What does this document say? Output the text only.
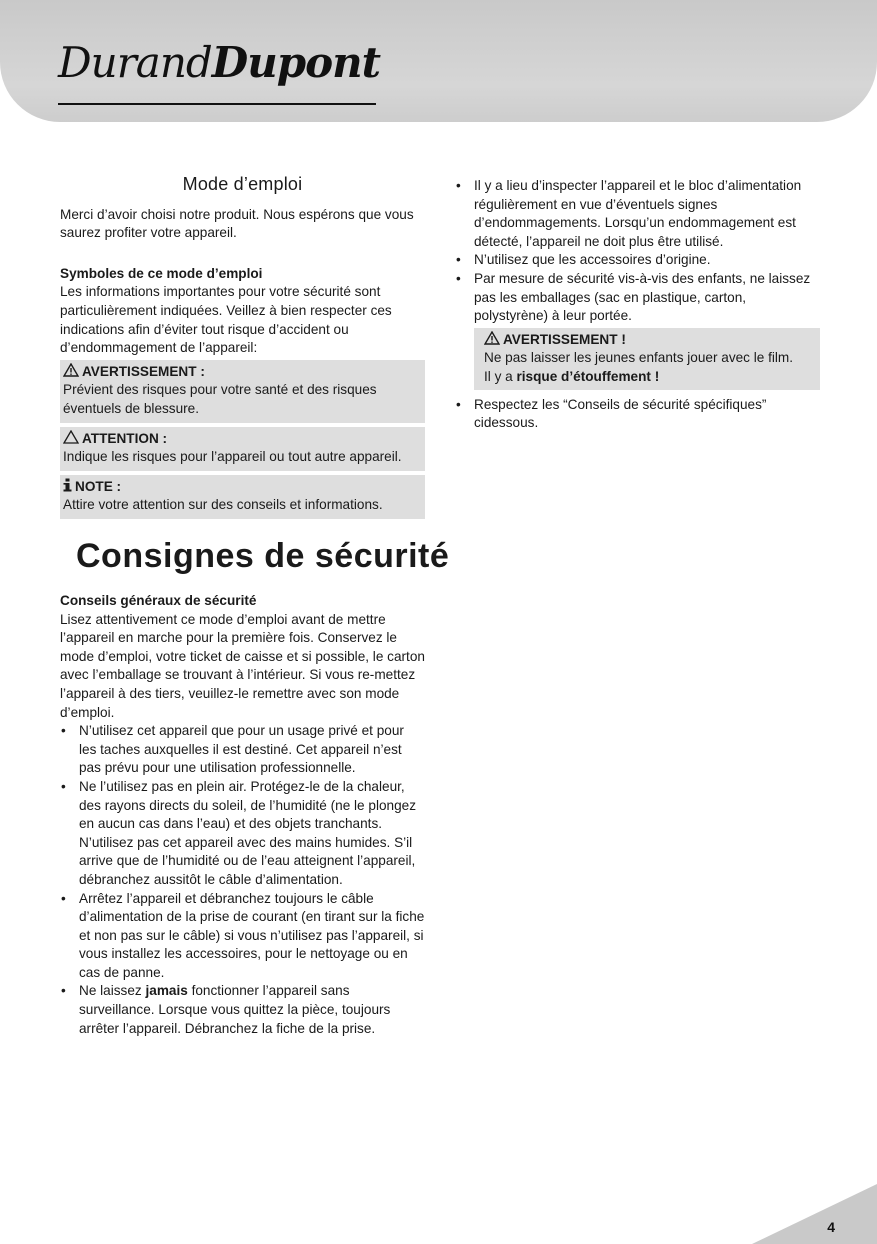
DurandDupont
Mode d’emploi

Merci d’avoir choisi notre produit. Nous espérons que vous saurez profiter votre appareil.

Symboles de ce mode d’emploi

Les informations importantes pour votre sécurité sont particulièrement indiquées. Veillez à bien respecter ces indications afin d’éviter tout risque d’accident ou d’endommagement de l’appareil:

AVERTISSEMENT :
Prévient des risques pour votre santé et des risques éventuels de blessure.
ATTENTION :
Indique les risques pour l’appareil ou tout autre appareil.
NOTE :
Attire votre attention sur des conseils et informations.
Consignes de sécurité

Conseils généraux de sécurité

Lisez attentivement ce mode d’emploi avant de mettre l’appareil en marche pour la première fois. Conservez le mode d’emploi, votre ticket de caisse et si possible, le carton avec l’emballage se trouvant à l’intérieur. Si vous re-mettez l’appareil à des tiers, veuillez-le remettre avec son mode d’emploi.

• N’utilisez cet appareil que pour un usage privé et pour les taches auxquelles il est destiné. Cet appareil n’est pas prévu pour une utilisation professionnelle.
• Ne l’utilisez pas en plein air. Protégez-le de la chaleur, des rayons directs du soleil, de l’humidité (ne le plongez en aucun cas dans l’eau) et des objets tranchants. N’utilisez pas cet appareil avec des mains humides. S’il arrive que de l’humidité ou de l’eau atteignent l’appareil, débranchez aussitôt le câble d’alimentation.
• Arrêtez l’appareil et débranchez toujours le câble d’alimentation de la prise de courant (en tirant sur la fiche et non pas sur le câble) si vous n’utilisez pas l’appareil, si vous installez les accessoires, pour le nettoyage ou en cas de panne.
• Ne laissez jamais fonctionner l’appareil sans surveillance. Lorsque vous quittez la pièce, toujours arrêter l’appareil. Débranchez la fiche de la prise.
• Il y a lieu d’inspecter l’appareil et le bloc d’alimentation régulièrement en vue d’éventuels signes d’endommagements. Lorsqu’un endommagement est détecté, l’appareil ne doit plus être utilisé.
• N’utilisez que les accessoires d’origine.
• Par mesure de sécurité vis-à-vis des enfants, ne laissez pas les emballages (sac en plastique, carton, polystyrène) à leur portée.
AVERTISSEMENT !
Ne pas laisser les jeunes enfants jouer avec le film.
Il y a risque d’étouffement !
• Respectez les “Conseils de sécurité spécifiques” cidessous.
4
